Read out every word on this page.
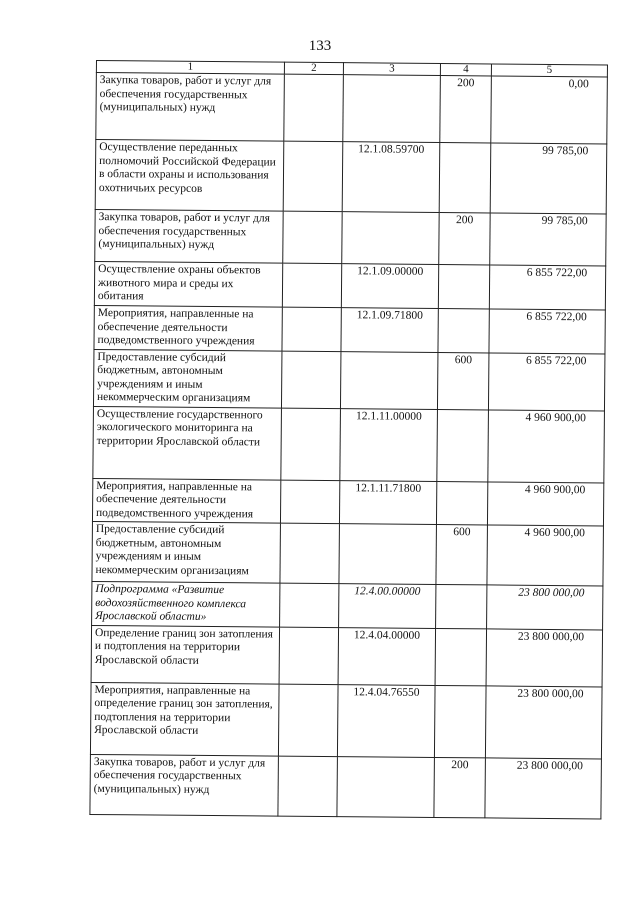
133
1	2	3	4	5
Закупка товаров, работ и услуг для обеспечения государственных (муниципальных) нужд			200	0,00
Осуществление переданных полномочий Российской Федерации в области охраны и использования охотничьих ресурсов		12.1.08.59700		99 785,00
Закупка товаров, работ и услуг для обеспечения государственных (муниципальных) нужд			200	99 785,00
Осуществление охраны объектов животного мира и среды их обитания		12.1.09.00000		6 855 722,00
Мероприятия, направленные на обеспечение деятельности подведомственного учреждения		12.1.09.71800		6 855 722,00
Предоставление субсидий бюджетным, автономным учреждениям и иным некоммерческим организациям			600	6 855 722,00
Осуществление государственного экологического мониторинга на территории Ярославской области		12.1.11.00000		4 960 900,00
Мероприятия, направленные на обеспечение деятельности подведомственного учреждения		12.1.11.71800		4 960 900,00
Предоставление субсидий бюджетным, автономным учреждениям и иным некоммерческим организациям			600	4 960 900,00
Подпрограмма «Развитие водохозяйственного комплекса Ярославской области»		12.4.00.00000		23 800 000,00
Определение границ зон затопления и подтопления на территории Ярославской области		12.4.04.00000		23 800 000,00
Мероприятия, направленные на определение границ зон затопления, подтопления на территории Ярославской области		12.4.04.76550		23 800 000,00
Закупка товаров, работ и услуг для обеспечения государственных (муниципальных) нужд			200	23 800 000,00
